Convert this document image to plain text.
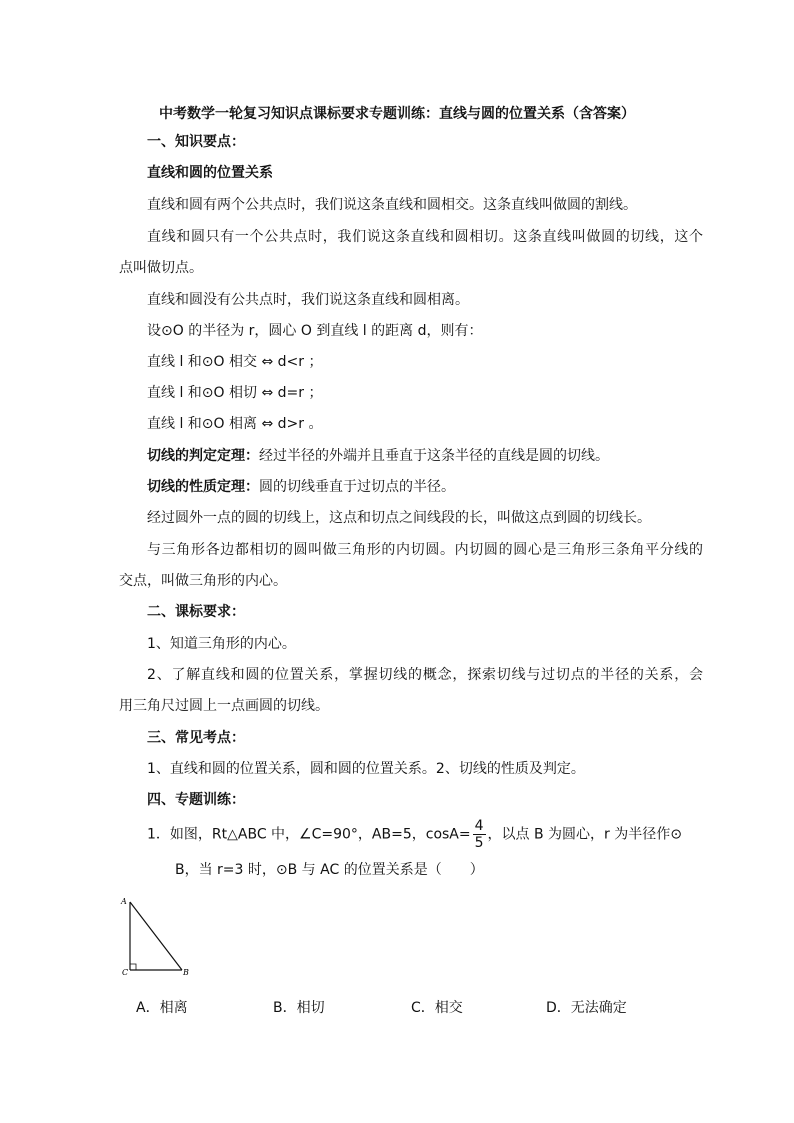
中考数学一轮复习知识点课标要求专题训练：直线与圆的位置关系（含答案）
一、知识要点：
直线和圆的位置关系
直线和圆有两个公共点时，我们说这条直线和圆相交。这条直线叫做圆的割线。
直线和圆只有一个公共点时，我们说这条直线和圆相切。这条直线叫做圆的切线，这个
点叫做切点。
直线和圆没有公共点时，我们说这条直线和圆相离。
设⊙O 的半径为 r，圆心 O 到直线 l 的距离 d，则有：
直线 l 和⊙O 相交 ⇔ d<r ；
直线 l 和⊙O 相切 ⇔ d=r ；
直线 l 和⊙O 相离 ⇔ d>r 。
切线的判定定理：经过半径的外端并且垂直于这条半径的直线是圆的切线。
切线的性质定理：圆的切线垂直于过切点的半径。
经过圆外一点的圆的切线上，这点和切点之间线段的长，叫做这点到圆的切线长。
与三角形各边都相切的圆叫做三角形的内切圆。内切圆的圆心是三角形三条角平分线的
交点，叫做三角形的内心。
二、课标要求：
1、知道三角形的内心。
2、了解直线和圆的位置关系，掌握切线的概念，探索切线与过切点的半径的关系，会
用三角尺过圆上一点画圆的切线。
三、常见考点：
1、直线和圆的位置关系，圆和圆的位置关系。2、切线的性质及判定。
四、专题训练：
1．如图，Rt△ABC 中，∠C=90°，AB=5，$\cos A= \frac{4}{5}$ ，以点 B 为圆心，r 为半径作⊙
B，当 r=3 时，⊙B 与 AC 的位置关系是（　　）
A
C	B
A．相离	B．相切	C．相交	D．无法确定
